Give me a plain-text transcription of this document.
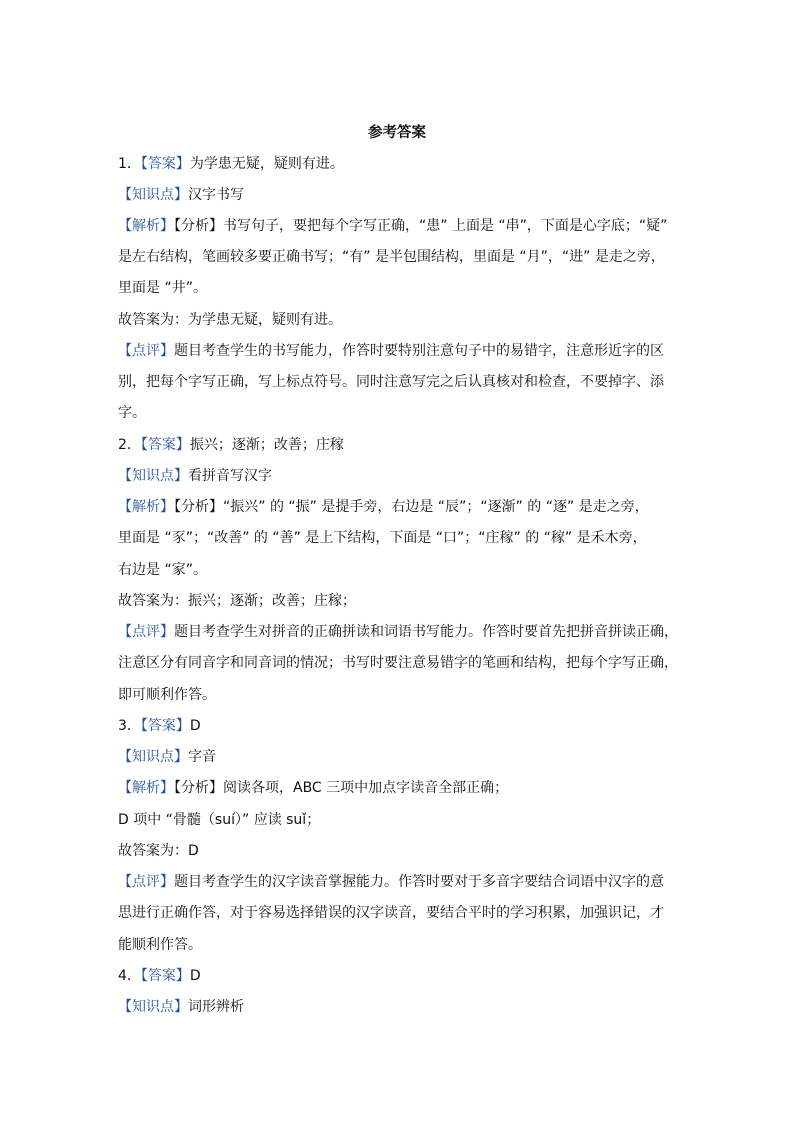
参考答案
1．【答案】为学患无疑，疑则有进。
【知识点】汉字书写
【解析】【分析】书写句子，要把每个字写正确，“患” 上面是 “串”，下面是心字底；“疑”
是左右结构，笔画较多要正确书写；“有” 是半包围结构，里面是 “月”，“进” 是走之旁，
里面是 “井”。
故答案为：为学患无疑，疑则有进。
【点评】题目考查学生的书写能力，作答时要特别注意句子中的易错字，注意形近字的区
别，把每个字写正确，写上标点符号。同时注意写完之后认真核对和检查，不要掉字、添
字。
2．【答案】振兴；逐渐；改善；庄稼
【知识点】看拼音写汉字
【解析】【分析】“振兴” 的 “振” 是提手旁，右边是 “辰”；“逐渐” 的 “逐” 是走之旁，
里面是 “豕”；“改善” 的 “善” 是上下结构，下面是 “口”；“庄稼” 的 “稼” 是禾木旁，
右边是 “家”。
故答案为：振兴；逐渐；改善；庄稼；
【点评】题目考查学生对拼音的正确拼读和词语书写能力。作答时要首先把拼音拼读正确，
注意区分有同音字和同音词的情况；书写时要注意易错字的笔画和结构，把每个字写正确，
即可顺利作答。
3．【答案】D
【知识点】字音
【解析】【分析】阅读各项，ABC 三项中加点字读音全部正确；
D 项中 “骨髓（suí）” 应读 suǐ；
故答案为：D
【点评】题目考查学生的汉字读音掌握能力。作答时要对于多音字要结合词语中汉字的意
思进行正确作答，对于容易选择错误的汉字读音，要结合平时的学习积累，加强识记，才
能顺利作答。
4．【答案】D
【知识点】词形辨析
